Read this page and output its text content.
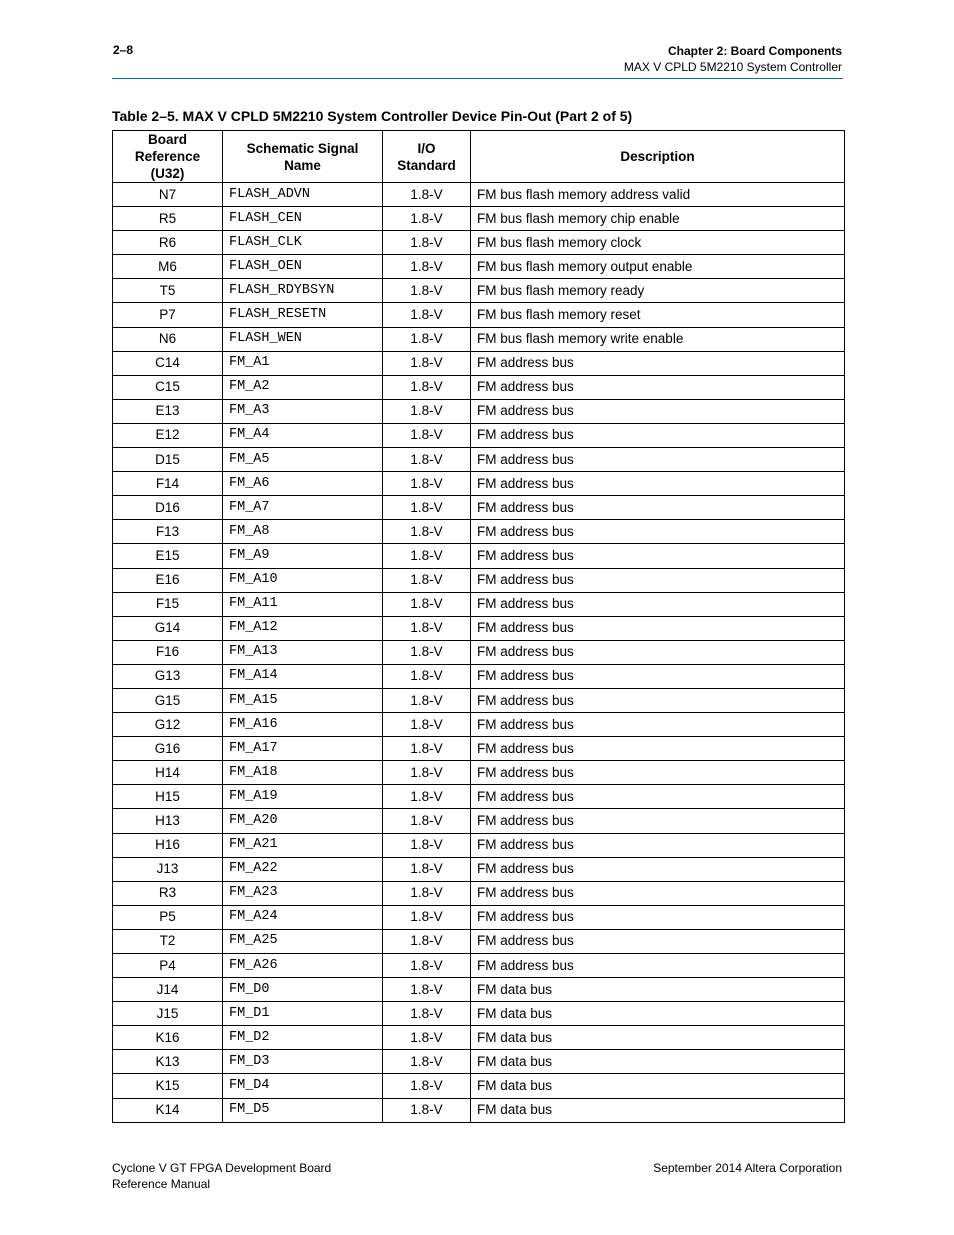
2–8	Chapter 2: Board Components
MAX V CPLD 5M2210 System Controller
Table 2–5. MAX V CPLD 5M2210 System Controller Device Pin-Out (Part 2 of 5)
Board Reference (U32)	Schematic Signal Name	I/O Standard	Description
N7	FLASH_ADVN	1.8-V	FM bus flash memory address valid
R5	FLASH_CEN	1.8-V	FM bus flash memory chip enable
R6	FLASH_CLK	1.8-V	FM bus flash memory clock
M6	FLASH_OEN	1.8-V	FM bus flash memory output enable
T5	FLASH_RDYBSYN	1.8-V	FM bus flash memory ready
P7	FLASH_RESETN	1.8-V	FM bus flash memory reset
N6	FLASH_WEN	1.8-V	FM bus flash memory write enable
C14	FM_A1	1.8-V	FM address bus
C15	FM_A2	1.8-V	FM address bus
E13	FM_A3	1.8-V	FM address bus
E12	FM_A4	1.8-V	FM address bus
D15	FM_A5	1.8-V	FM address bus
F14	FM_A6	1.8-V	FM address bus
D16	FM_A7	1.8-V	FM address bus
F13	FM_A8	1.8-V	FM address bus
E15	FM_A9	1.8-V	FM address bus
E16	FM_A10	1.8-V	FM address bus
F15	FM_A11	1.8-V	FM address bus
G14	FM_A12	1.8-V	FM address bus
F16	FM_A13	1.8-V	FM address bus
G13	FM_A14	1.8-V	FM address bus
G15	FM_A15	1.8-V	FM address bus
G12	FM_A16	1.8-V	FM address bus
G16	FM_A17	1.8-V	FM address bus
H14	FM_A18	1.8-V	FM address bus
H15	FM_A19	1.8-V	FM address bus
H13	FM_A20	1.8-V	FM address bus
H16	FM_A21	1.8-V	FM address bus
J13	FM_A22	1.8-V	FM address bus
R3	FM_A23	1.8-V	FM address bus
P5	FM_A24	1.8-V	FM address bus
T2	FM_A25	1.8-V	FM address bus
P4	FM_A26	1.8-V	FM address bus
J14	FM_D0	1.8-V	FM data bus
J15	FM_D1	1.8-V	FM data bus
K16	FM_D2	1.8-V	FM data bus
K13	FM_D3	1.8-V	FM data bus
K15	FM_D4	1.8-V	FM data bus
K14	FM_D5	1.8-V	FM data bus
Cyclone V GT FPGA Development Board
Reference Manual
September 2014 Altera Corporation
